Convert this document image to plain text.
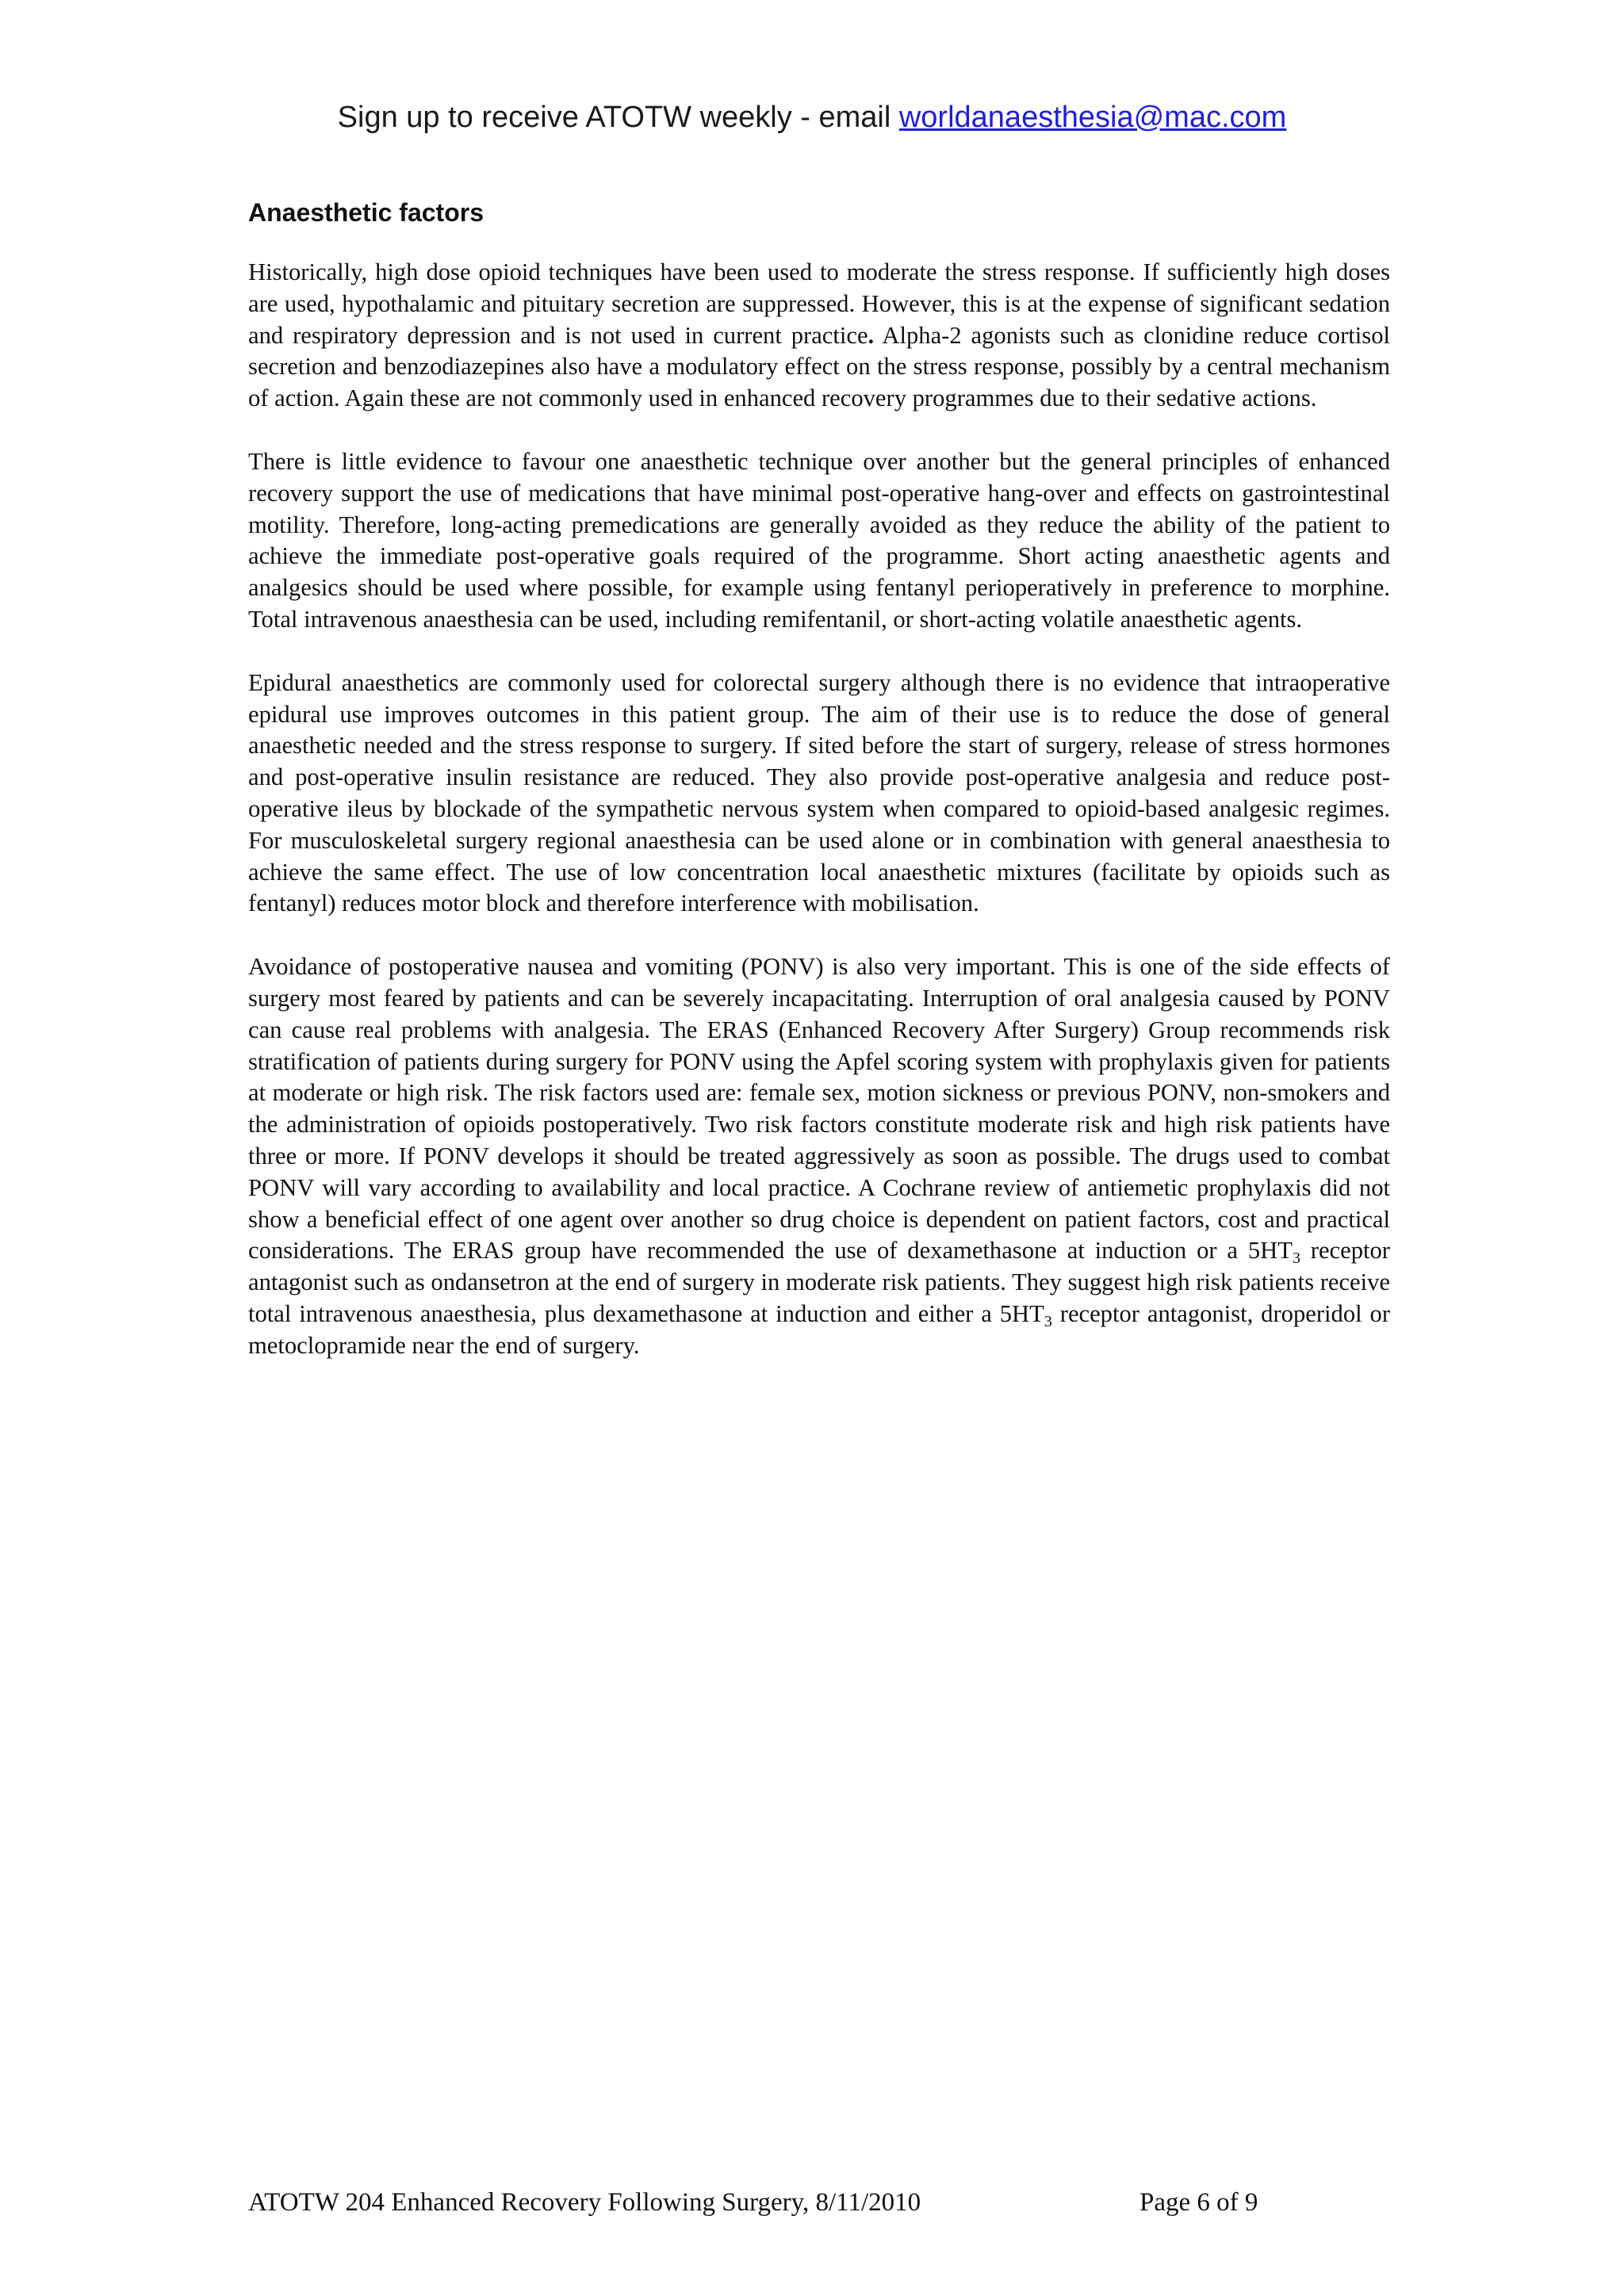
Sign up to receive ATOTW weekly - email worldanaesthesia@mac.com
Anaesthetic factors

Historically, high dose opioid techniques have been used to moderate the stress response. If sufficiently high doses are used, hypothalamic and pituitary secretion are suppressed. However, this is at the expense of significant sedation and respiratory depression and is not used in current practice. Alpha-2 agonists such as clonidine reduce cortisol secretion and benzodiazepines also have a modulatory effect on the stress response, possibly by a central mechanism of action. Again these are not commonly used in enhanced recovery programmes due to their sedative actions.

There is little evidence to favour one anaesthetic technique over another but the general principles of enhanced recovery support the use of medications that have minimal post-operative hang-over and effects on gastrointestinal motility. Therefore, long-acting premedications are generally avoided as they reduce the ability of the patient to achieve the immediate post-operative goals required of the programme. Short acting anaesthetic agents and analgesics should be used where possible, for example using fentanyl perioperatively in preference to morphine. Total intravenous anaesthesia can be used, including remifentanil, or short-acting volatile anaesthetic agents.

Epidural anaesthetics are commonly used for colorectal surgery although there is no evidence that intraoperative epidural use improves outcomes in this patient group. The aim of their use is to reduce the dose of general anaesthetic needed and the stress response to surgery. If sited before the start of surgery, release of stress hormones and post-operative insulin resistance are reduced. They also provide post-operative analgesia and reduce post-operative ileus by blockade of the sympathetic nervous system when compared to opioid-based analgesic regimes. For musculoskeletal surgery regional anaesthesia can be used alone or in combination with general anaesthesia to achieve the same effect. The use of low concentration local anaesthetic mixtures (facilitate by opioids such as fentanyl) reduces motor block and therefore interference with mobilisation.

Avoidance of postoperative nausea and vomiting (PONV) is also very important. This is one of the side effects of surgery most feared by patients and can be severely incapacitating. Interruption of oral analgesia caused by PONV can cause real problems with analgesia. The ERAS (Enhanced Recovery After Surgery) Group recommends risk stratification of patients during surgery for PONV using the Apfel scoring system with prophylaxis given for patients at moderate or high risk. The risk factors used are: female sex, motion sickness or previous PONV, non-smokers and the administration of opioids postoperatively. Two risk factors constitute moderate risk and high risk patients have three or more. If PONV develops it should be treated aggressively as soon as possible. The drugs used to combat PONV will vary according to availability and local practice. A Cochrane review of antiemetic prophylaxis did not show a beneficial effect of one agent over another so drug choice is dependent on patient factors, cost and practical considerations. The ERAS group have recommended the use of dexamethasone at induction or a $5HT_3$ receptor antagonist such as ondansetron at the end of surgery in moderate risk patients. They suggest high risk patients receive total intravenous anaesthesia, plus dexamethasone at induction and either a $5HT_3$ receptor antagonist, droperidol or metoclopramide near the end of surgery.

ATOTW 204 Enhanced Recovery Following Surgery, 8/11/2010	Page 6 of 9
